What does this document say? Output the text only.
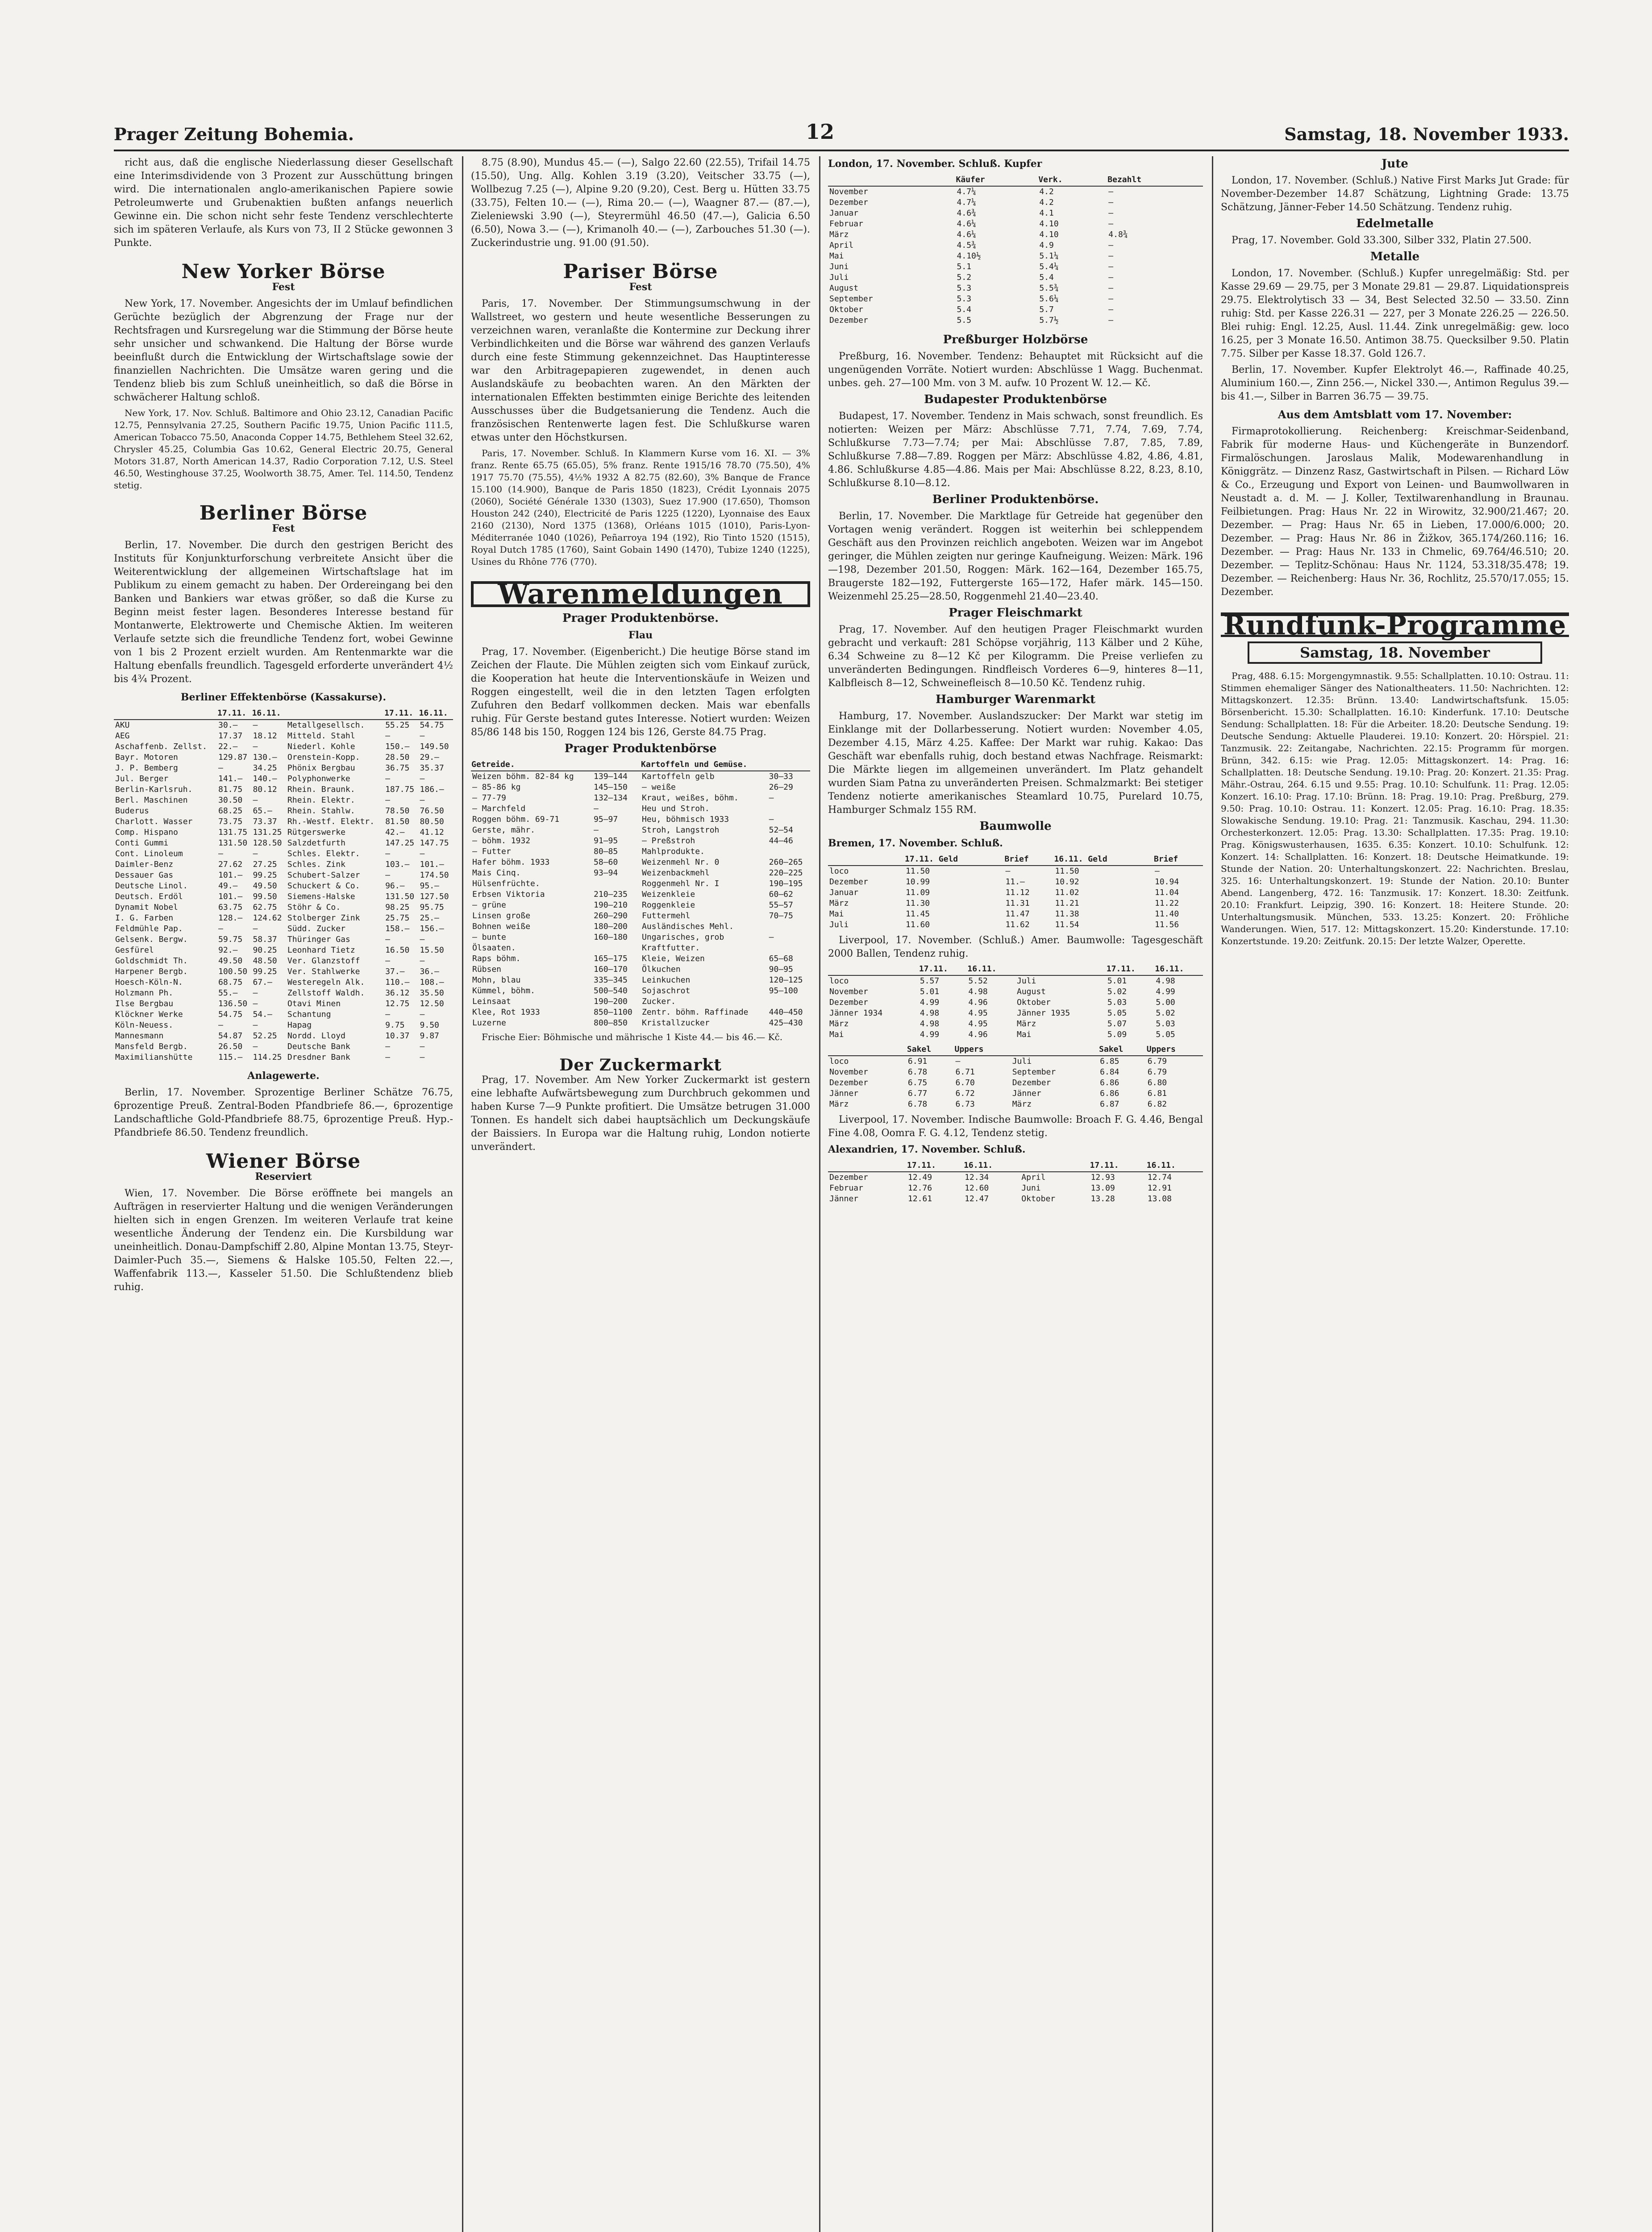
Prager Zeitung Bohemia.	12	Samstag, 18. November 1933.

richt aus, daß die englische Niederlassung dieser Gesellschaft eine Interimsdividende von 3 Prozent zur Ausschüttung bringen wird. Die internationalen anglo-amerikanischen Papiere sowie Petroleumwerte und Grubenaktien bußten anfangs neuerlich Gewinne ein. Die schon nicht sehr feste Tendenz verschlechterte sich im späteren Verlaufe, als Kurs von 73, II 2 Stücke gewonnen 3 Punkte.

New Yorker Börse
Fest

New York, 17. November. Angesichts der im Umlauf befindlichen Gerüchte bezüglich der Abgrenzung der Frage nur der Rechtsfragen und Kursregelung war die Stimmung der Börse heute sehr unsicher und schwankend. Die Haltung der Börse wurde beeinflußt durch die Entwicklung der Wirtschaftslage sowie der finanziellen Nachrichten. Die Umsätze waren gering und die Tendenz blieb bis zum Schluß uneinheitlich, so daß die Börse in schwächerer Haltung schloß.

New York, 17. Nov. Schluß. Baltimore and Ohio 23.12, Canadian Pacific 12.75, Pennsylvania 27.25, Southern Pacific 19.75, Union Pacific 111.5, American Tobacco 75.50, Anaconda Copper 14.75, Bethlehem Steel 32.62, Chrysler 45.25, Columbia Gas 10.62, General Electric 20.75, General Motors 31.87, North American 14.37, Radio Corporation 7.12, U.S. Steel 46.50, Westinghouse 37.25, Woolworth 38.75, Amer. Tel. 114.50, Tendenz stetig.

Berliner Börse
Fest

Berlin, 17. November. Die durch den gestrigen Bericht des Instituts für Konjunkturforschung verbreitete Ansicht über die Weiterentwicklung der allgemeinen Wirtschaftslage hat im Publikum zu einem gemacht zu haben. Der Ordereingang bei den Banken und Bankiers war etwas größer, so daß die Kurse zu Beginn meist fester lagen. Besonderes Interesse bestand für Montanwerte, Elektrowerte und Chemische Aktien. Im weiteren Verlaufe setzte sich die freundliche Tendenz fort, wobei Gewinne von 1 bis 2 Prozent erzielt wurden. Am Rentenmarkte war die Haltung ebenfalls freundlich. Tagesgeld erforderte unverändert 4½ bis 4¾ Prozent.

Berliner Effektenbörse (Kassakurse).
	17.11.	16.11.		17.11.	16.11.
AKU	30.—	—	Metallgesellsch.	55.25	54.75
AEG	17.37	18.12	Mitteld. Stahl	—	—
Aschaffenb. Zellst.	22.—	—	Niederl. Kohle	150.—	149.50
Bayr. Motoren	129.87	130.—	Orenstein-Kopp.	28.50	29.—
J. P. Bemberg	—	34.25	Phönix Bergbau	36.75	35.37
Jul. Berger	141.—	140.—	Polyphonwerke	—	—
Berlin-Karlsruh.	81.75	80.12	Rhein. Braunk.	187.75	186.—
Berl. Maschinen	30.50	—	Rhein. Elektr.	—	—
Buderus	68.25	65.—	Rhein. Stahlw.	78.50	76.50
Charlott. Wasser	73.75	73.37	Rh.-Westf. Elektr.	81.50	80.50
Comp. Hispano	131.75	131.25	Rütgerswerke	42.—	41.12
Conti Gummi	131.50	128.50	Salzdetfurth	147.25	147.75
Cont. Linoleum	—	—	Schles. Elektr.	—	—
Daimler-Benz	27.62	27.25	Schles. Zink	103.—	101.—
Dessauer Gas	101.—	99.25	Schubert-Salzer	—	174.50
Deutsche Linol.	49.—	49.50	Schuckert & Co.	96.—	95.—
Deutsch. Erdöl	101.—	99.50	Siemens-Halske	131.50	127.50
Dynamit Nobel	63.75	62.75	Stöhr & Co.	98.25	95.75
I. G. Farben	128.—	124.62	Stolberger Zink	25.75	25.—
Feldmühle Pap.	—	—	Südd. Zucker	158.—	156.—
Gelsenk. Bergw.	59.75	58.37	Thüringer Gas	—	—
Gesfürel	92.—	90.25	Leonhard Tietz	16.50	15.50
Goldschmidt Th.	49.50	48.50	Ver. Glanzstoff	—	—
Harpener Bergb.	100.50	99.25	Ver. Stahlwerke	37.—	36.—
Hoesch-Köln-N.	68.75	67.—	Westeregeln Alk.	110.—	108.—
Holzmann Ph.	55.—	—	Zellstoff Waldh.	36.12	35.50
Ilse Bergbau	136.50	—	Otavi Minen	12.75	12.50
Klöckner Werke	54.75	54.—	Schantung	—	—
Köln-Neuess.	—	—	Hapag	9.75	9.50
Mannesmann	54.87	52.25	Nordd. Lloyd	10.37	9.87
Mansfeld Bergb.	26.50	—	Deutsche Bank	—	—
Maximilianshütte	115.—	114.25	Dresdner Bank	—	—
Anlagewerte.

Berlin, 17. November. Sprozentige Berliner Schätze 76.75, 6prozentige Preuß. Zentral-Boden Pfandbriefe 86.—, 6prozentige Landschaftliche Gold-Pfandbriefe 88.75, 6prozentige Preuß. Hyp.-Pfandbriefe 86.50. Tendenz freundlich.

Wiener Börse
Reserviert

Wien, 17. November. Die Börse eröffnete bei mangels an Aufträgen in reservierter Haltung und die wenigen Veränderungen hielten sich in engen Grenzen. Im weiteren Verlaufe trat keine wesentliche Änderung der Tendenz ein. Die Kursbildung war uneinheitlich. Donau-Dampfschiff 2.80, Alpine Montan 13.75, Steyr-Daimler-Puch 35.—, Siemens & Halske 105.50, Felten 22.—, Waffenfabrik 113.—, Kasseler 51.50. Die Schlußtendenz blieb ruhig.

8.75 (8.90), Mundus 45.— (—), Salgo 22.60 (22.55), Trifail 14.75 (15.50), Ung. Allg. Kohlen 3.19 (3.20), Veitscher 33.75 (—), Wollbezug 7.25 (—), Alpine 9.20 (9.20), Cest. Berg u. Hütten 33.75 (33.75), Felten 10.— (—), Rima 20.— (—), Waagner 87.— (87.—), Zieleniewski 3.90 (—), Steyrermühl 46.50 (47.—), Galicia 6.50 (6.50), Nowa 3.— (—), Krimanolh 40.— (—), Zarbouches 51.30 (—). Zuckerindustrie ung. 91.00 (91.50).

Pariser Börse
Fest

Paris, 17. November. Der Stimmungsumschwung in der Wallstreet, wo gestern und heute wesentliche Besserungen zu verzeichnen waren, veranlaßte die Kontermine zur Deckung ihrer Verbindlichkeiten und die Börse war während des ganzen Verlaufs durch eine feste Stimmung gekennzeichnet. Das Hauptinteresse war den Arbitragepapieren zugewendet, in denen auch Auslandskäufe zu beobachten waren. An den Märkten der internationalen Effekten bestimmten einige Berichte des leitenden Ausschusses über die Budgetsanierung die Tendenz. Auch die französischen Rentenwerte lagen fest. Die Schlußkurse waren etwas unter den Höchstkursen.

Paris, 17. November. Schluß. In Klammern Kurse vom 16. XI. — 3% franz. Rente 65.75 (65.05), 5% franz. Rente 1915/16 78.70 (75.50), 4% 1917 75.70 (75.55), 4½% 1932 A 82.75 (82.60), 3% Banque de France 15.100 (14.900), Banque de Paris 1850 (1823), Crédit Lyonnais 2075 (2060), Société Générale 1330 (1303), Suez 17.900 (17.650), Thomson Houston 242 (240), Electricité de Paris 1225 (1220), Lyonnaise des Eaux 2160 (2130), Nord 1375 (1368), Orléans 1015 (1010), Paris-Lyon-Méditerranée 1040 (1026), Peñarroya 194 (192), Rio Tinto 1520 (1515), Royal Dutch 1785 (1760), Saint Gobain 1490 (1470), Tubize 1240 (1225), Usines du Rhône 776 (770).

Warenmeldungen
Prager Produktenbörse.
Flau

Prag, 17. November. (Eigenbericht.) Die heutige Börse stand im Zeichen der Flaute. Die Mühlen zeigten sich vom Einkauf zurück, die Kooperation hat heute die Interventionskäufe in Weizen und Roggen eingestellt, weil die in den letzten Tagen erfolgten Zufuhren den Bedarf vollkommen decken. Mais war ebenfalls ruhig. Für Gerste bestand gutes Interesse. Notiert wurden: Weizen 85/86 148 bis 150, Roggen 124 bis 126, Gerste 84.75 Prag.

Prager Produktenbörse
Getreide.		Kartoffeln und Gemüse.	
Weizen böhm. 82-84 kg	139—144	Kartoffeln gelb	30—33
— 85-86 kg	145—150	— weiße	26—29
— 77-79	132—134	Kraut, weißes, böhm.	—
— Marchfeld	—	Heu und Stroh.	
Roggen böhm. 69-71	95—97	Heu, böhmisch 1933	—
Gerste, mähr.	—	Stroh, Langstroh	52—54
— böhm. 1932	91—95	— Preßstroh	44—46
— Futter	80—85	Mahlprodukte.	
Hafer böhm. 1933	58—60	Weizenmehl Nr. 0	260—265
Mais Cinq.	93—94	Weizenbackmehl	220—225
Hülsenfrüchte.		Roggenmehl Nr. I	190—195
Erbsen Viktoria	210—235	Weizenkleie	60—62
— grüne	190—210	Roggenkleie	55—57
Linsen große	260—290	Futtermehl	70—75
Bohnen weiße	180—200	Ausländisches Mehl.	
— bunte	160—180	Ungarisches, grob	—
Ölsaaten.		Kraftfutter.	
Raps böhm.	165—175	Kleie, Weizen	65—68
Rübsen	160—170	Ölkuchen	90—95
Mohn, blau	335—345	Leinkuchen	120—125
Kümmel, böhm.	500—540	Sojaschrot	95—100
Leinsaat	190—200	Zucker.	
Klee, Rot 1933	850—1100	Zentr. böhm. Raffinade	440—450
Luzerne	800—850	Kristallzucker	425—430

Frische Eier: Böhmische und mährische 1 Kiste 44.— bis 46.— Kč.

Der Zuckermarkt

Prag, 17. November. Am New Yorker Zuckermarkt ist gestern eine lebhafte Aufwärtsbewegung zum Durchbruch gekommen und haben Kurse 7—9 Punkte profitiert. Die Umsätze betrugen 31.000 Tonnen. Es handelt sich dabei hauptsächlich um Deckungskäufe der Baissiers. In Europa war die Haltung ruhig, London notierte unverändert.

London, 17. November. Schluß. Kupfer
	Käufer	Verk.	Bezahlt
November	4.7¼	4.2	—
Dezember	4.7¼	4.2	—
Januar	4.6¾	4.1	—
Februar	4.6¼	4.10	—
März	4.6¼	4.10	4.8¾
April	4.5¾	4.9	—
Mai	4.10½	5.1¼	—
Juni	5.1	5.4¼	—
Juli	5.2	5.4	—
August	5.3	5.5¾	—
September	5.3	5.6¼	—
Oktober	5.4	5.7	—
Dezember	5.5	5.7½	—
Preßburger Holzbörse

Preßburg, 16. November. Tendenz: Behauptet mit Rücksicht auf die ungenügenden Vorräte. Notiert wurden: Abschlüsse 1 Wagg. Buchenmat. unbes. geh. 27—100 Mm. von 3 M. aufw. 10 Prozent W. 12.— Kč.

Budapester Produktenbörse

Budapest, 17. November. Tendenz in Mais schwach, sonst freundlich. Es notierten: Weizen per März: Abschlüsse 7.71, 7.74, 7.69, 7.74, Schlußkurse 7.73—7.74; per Mai: Abschlüsse 7.87, 7.85, 7.89, Schlußkurse 7.88—7.89. Roggen per März: Abschlüsse 4.82, 4.86, 4.81, 4.86. Schlußkurse 4.85—4.86. Mais per Mai: Abschlüsse 8.22, 8.23, 8.10, Schlußkurse 8.10—8.12.

Berliner Produktenbörse.

Berlin, 17. November. Die Marktlage für Getreide hat gegenüber den Vortagen wenig verändert. Roggen ist weiterhin bei schleppendem Geschäft aus den Provinzen reichlich angeboten. Weizen war im Angebot geringer, die Mühlen zeigten nur geringe Kaufneigung. Weizen: Märk. 196—198, Dezember 201.50, Roggen: Märk. 162—164, Dezember 165.75, Braugerste 182—192, Futtergerste 165—172, Hafer märk. 145—150. Weizenmehl 25.25—28.50, Roggenmehl 21.40—23.40.

Prager Fleischmarkt

Prag, 17. November. Auf den heutigen Prager Fleischmarkt wurden gebracht und verkauft: 281 Schöpse vorjährig, 113 Kälber und 2 Kühe, 6.34 Schweine zu 8—12 Kč per Kilogramm. Die Preise verliefen zu unveränderten Bedingungen. Rindfleisch Vorderes 6—9, hinteres 8—11, Kalbfleisch 8—12, Schweinefleisch 8—10.50 Kč. Tendenz ruhig.

Hamburger Warenmarkt

Hamburg, 17. November. Auslandszucker: Der Markt war stetig im Einklange mit der Dollarbesserung. Notiert wurden: November 4.05, Dezember 4.15, März 4.25. Kaffee: Der Markt war ruhig. Kakao: Das Geschäft war ebenfalls ruhig, doch bestand etwas Nachfrage. Reismarkt: Die Märkte liegen im allgemeinen unverändert. Im Platz gehandelt wurden Siam Patna zu unveränderten Preisen. Schmalzmarkt: Bei stetiger Tendenz notierte amerikanisches Steamlard 10.75, Purelard 10.75, Hamburger Schmalz 155 RM.

Baumwolle
Bremen, 17. November. Schluß.
	17.11. Geld	Brief	16.11. Geld	Brief
loco	11.50	—	11.50	—
Dezember	10.99	11.—	10.92	10.94
Januar	11.09	11.12	11.02	11.04
März	11.30	11.31	11.21	11.22
Mai	11.45	11.47	11.38	11.40
Juli	11.60	11.62	11.54	11.56

Liverpool, 17. November. (Schluß.) Amer. Baumwolle: Tagesgeschäft 2000 Ballen, Tendenz ruhig.

	17.11.	16.11.		17.11.	16.11.
loco	5.57	5.52	Juli	5.01	4.98
November	5.01	4.98	August	5.02	4.99
Dezember	4.99	4.96	Oktober	5.03	5.00
Jänner 1934	4.98	4.95	Jänner 1935	5.05	5.02
März	4.98	4.95	März	5.07	5.03
Mai	4.99	4.96	Mai	5.09	5.05
	Sakel	Uppers		Sakel	Uppers
loco	6.91	—	Juli	6.85	6.79
November	6.78	6.71	September	6.84	6.79
Dezember	6.75	6.70	Dezember	6.86	6.80
Jänner	6.77	6.72	Jänner	6.86	6.81
März	6.78	6.73	März	6.87	6.82

Liverpool, 17. November. Indische Baumwolle: Broach F. G. 4.46, Bengal Fine 4.08, Oomra F. G. 4.12, Tendenz stetig.

Alexandrien, 17. November. Schluß.
	17.11.	16.11.		17.11.	16.11.
Dezember	12.49	12.34	April	12.93	12.74
Februar	12.76	12.60	Juni	13.09	12.91
Jänner	12.61	12.47	Oktober	13.28	13.08
Jute

London, 17. November. (Schluß.) Native First Marks Jut Grade: für November-Dezember 14.87 Schätzung, Lightning Grade: 13.75 Schätzung, Jänner-Feber 14.50 Schätzung. Tendenz ruhig.

Edelmetalle

Prag, 17. November. Gold 33.300, Silber 332, Platin 27.500.

Metalle

London, 17. November. (Schluß.) Kupfer unregelmäßig: Std. per Kasse 29.69 — 29.75, per 3 Monate 29.81 — 29.87. Liquidationspreis 29.75. Elektrolytisch 33 — 34, Best Selected 32.50 — 33.50. Zinn ruhig: Std. per Kasse 226.31 — 227, per 3 Monate 226.25 — 226.50. Blei ruhig: Engl. 12.25, Ausl. 11.44. Zink unregelmäßig: gew. loco 16.25, per 3 Monate 16.50. Antimon 38.75. Quecksilber 9.50. Platin 7.75. Silber per Kasse 18.37. Gold 126.7.

Berlin, 17. November. Kupfer Elektrolyt 46.—, Raffinade 40.25, Aluminium 160.—, Zinn 256.—, Nickel 330.—, Antimon Regulus 39.— bis 41.—, Silber in Barren 36.75 — 39.75.

Aus dem Amtsblatt vom 17. November:

Firmaprotokollierung. Reichenberg: Kreischmar-Seidenband, Fabrik für moderne Haus- und Küchengeräte in Bunzendorf. Firmalöschungen. Jaroslaus Malik, Modewarenhandlung in Königgrätz. — Dinzenz Rasz, Gastwirtschaft in Pilsen. — Richard Löw & Co., Erzeugung und Export von Leinen- und Baumwollwaren in Neustadt a. d. M. — J. Koller, Textilwarenhandlung in Braunau. Feilbietungen. Prag: Haus Nr. 22 in Wirowitz, 32.900/21.467; 20. Dezember. — Prag: Haus Nr. 65 in Lieben, 17.000/6.000; 20. Dezember. — Prag: Haus Nr. 86 in Žižkov, 365.174/260.116; 16. Dezember. — Prag: Haus Nr. 133 in Chmelic, 69.764/46.510; 20. Dezember. — Teplitz-Schönau: Haus Nr. 1124, 53.318/35.478; 19. Dezember. — Reichenberg: Haus Nr. 36, Rochlitz, 25.570/17.055; 15. Dezember.

Rundfunk-Programme
Samstag, 18. November

Prag, 488. 6.15: Morgengymnastik. 9.55: Schallplatten. 10.10: Ostrau. 11: Stimmen ehemaliger Sänger des Nationaltheaters. 11.50: Nachrichten. 12: Mittagskonzert. 12.35: Brünn. 13.40: Landwirtschaftsfunk. 15.05: Börsenbericht. 15.30: Schallplatten. 16.10: Kinderfunk. 17.10: Deutsche Sendung: Schallplatten. 18: Für die Arbeiter. 18.20: Deutsche Sendung. 19: Deutsche Sendung: Aktuelle Plauderei. 19.10: Konzert. 20: Hörspiel. 21: Tanzmusik. 22: Zeitangabe, Nachrichten. 22.15: Programm für morgen. Brünn, 342. 6.15: wie Prag. 12.05: Mittagskonzert. 14: Prag. 16: Schallplatten. 18: Deutsche Sendung. 19.10: Prag. 20: Konzert. 21.35: Prag. Mähr.-Ostrau, 264. 6.15 und 9.55: Prag. 10.10: Schulfunk. 11: Prag. 12.05: Konzert. 16.10: Prag. 17.10: Brünn. 18: Prag. 19.10: Prag. Preßburg, 279. 9.50: Prag. 10.10: Ostrau. 11: Konzert. 12.05: Prag. 16.10: Prag. 18.35: Slowakische Sendung. 19.10: Prag. 21: Tanzmusik. Kaschau, 294. 11.30: Orchesterkonzert. 12.05: Prag. 13.30: Schallplatten. 17.35: Prag. 19.10: Prag. Königswusterhausen, 1635. 6.35: Konzert. 10.10: Schulfunk. 12: Konzert. 14: Schallplatten. 16: Konzert. 18: Deutsche Heimatkunde. 19: Stunde der Nation. 20: Unterhaltungskonzert. 22: Nachrichten. Breslau, 325. 16: Unterhaltungskonzert. 19: Stunde der Nation. 20.10: Bunter Abend. Langenberg, 472. 16: Tanzmusik. 17: Konzert. 18.30: Zeitfunk. 20.10: Frankfurt. Leipzig, 390. 16: Konzert. 18: Heitere Stunde. 20: Unterhaltungsmusik. München, 533. 13.25: Konzert. 20: Fröhliche Wanderungen. Wien, 517. 12: Mittagskonzert. 15.20: Kinderstunde. 17.10: Konzertstunde. 19.20: Zeitfunk. 20.15: Der letzte Walzer, Operette.
